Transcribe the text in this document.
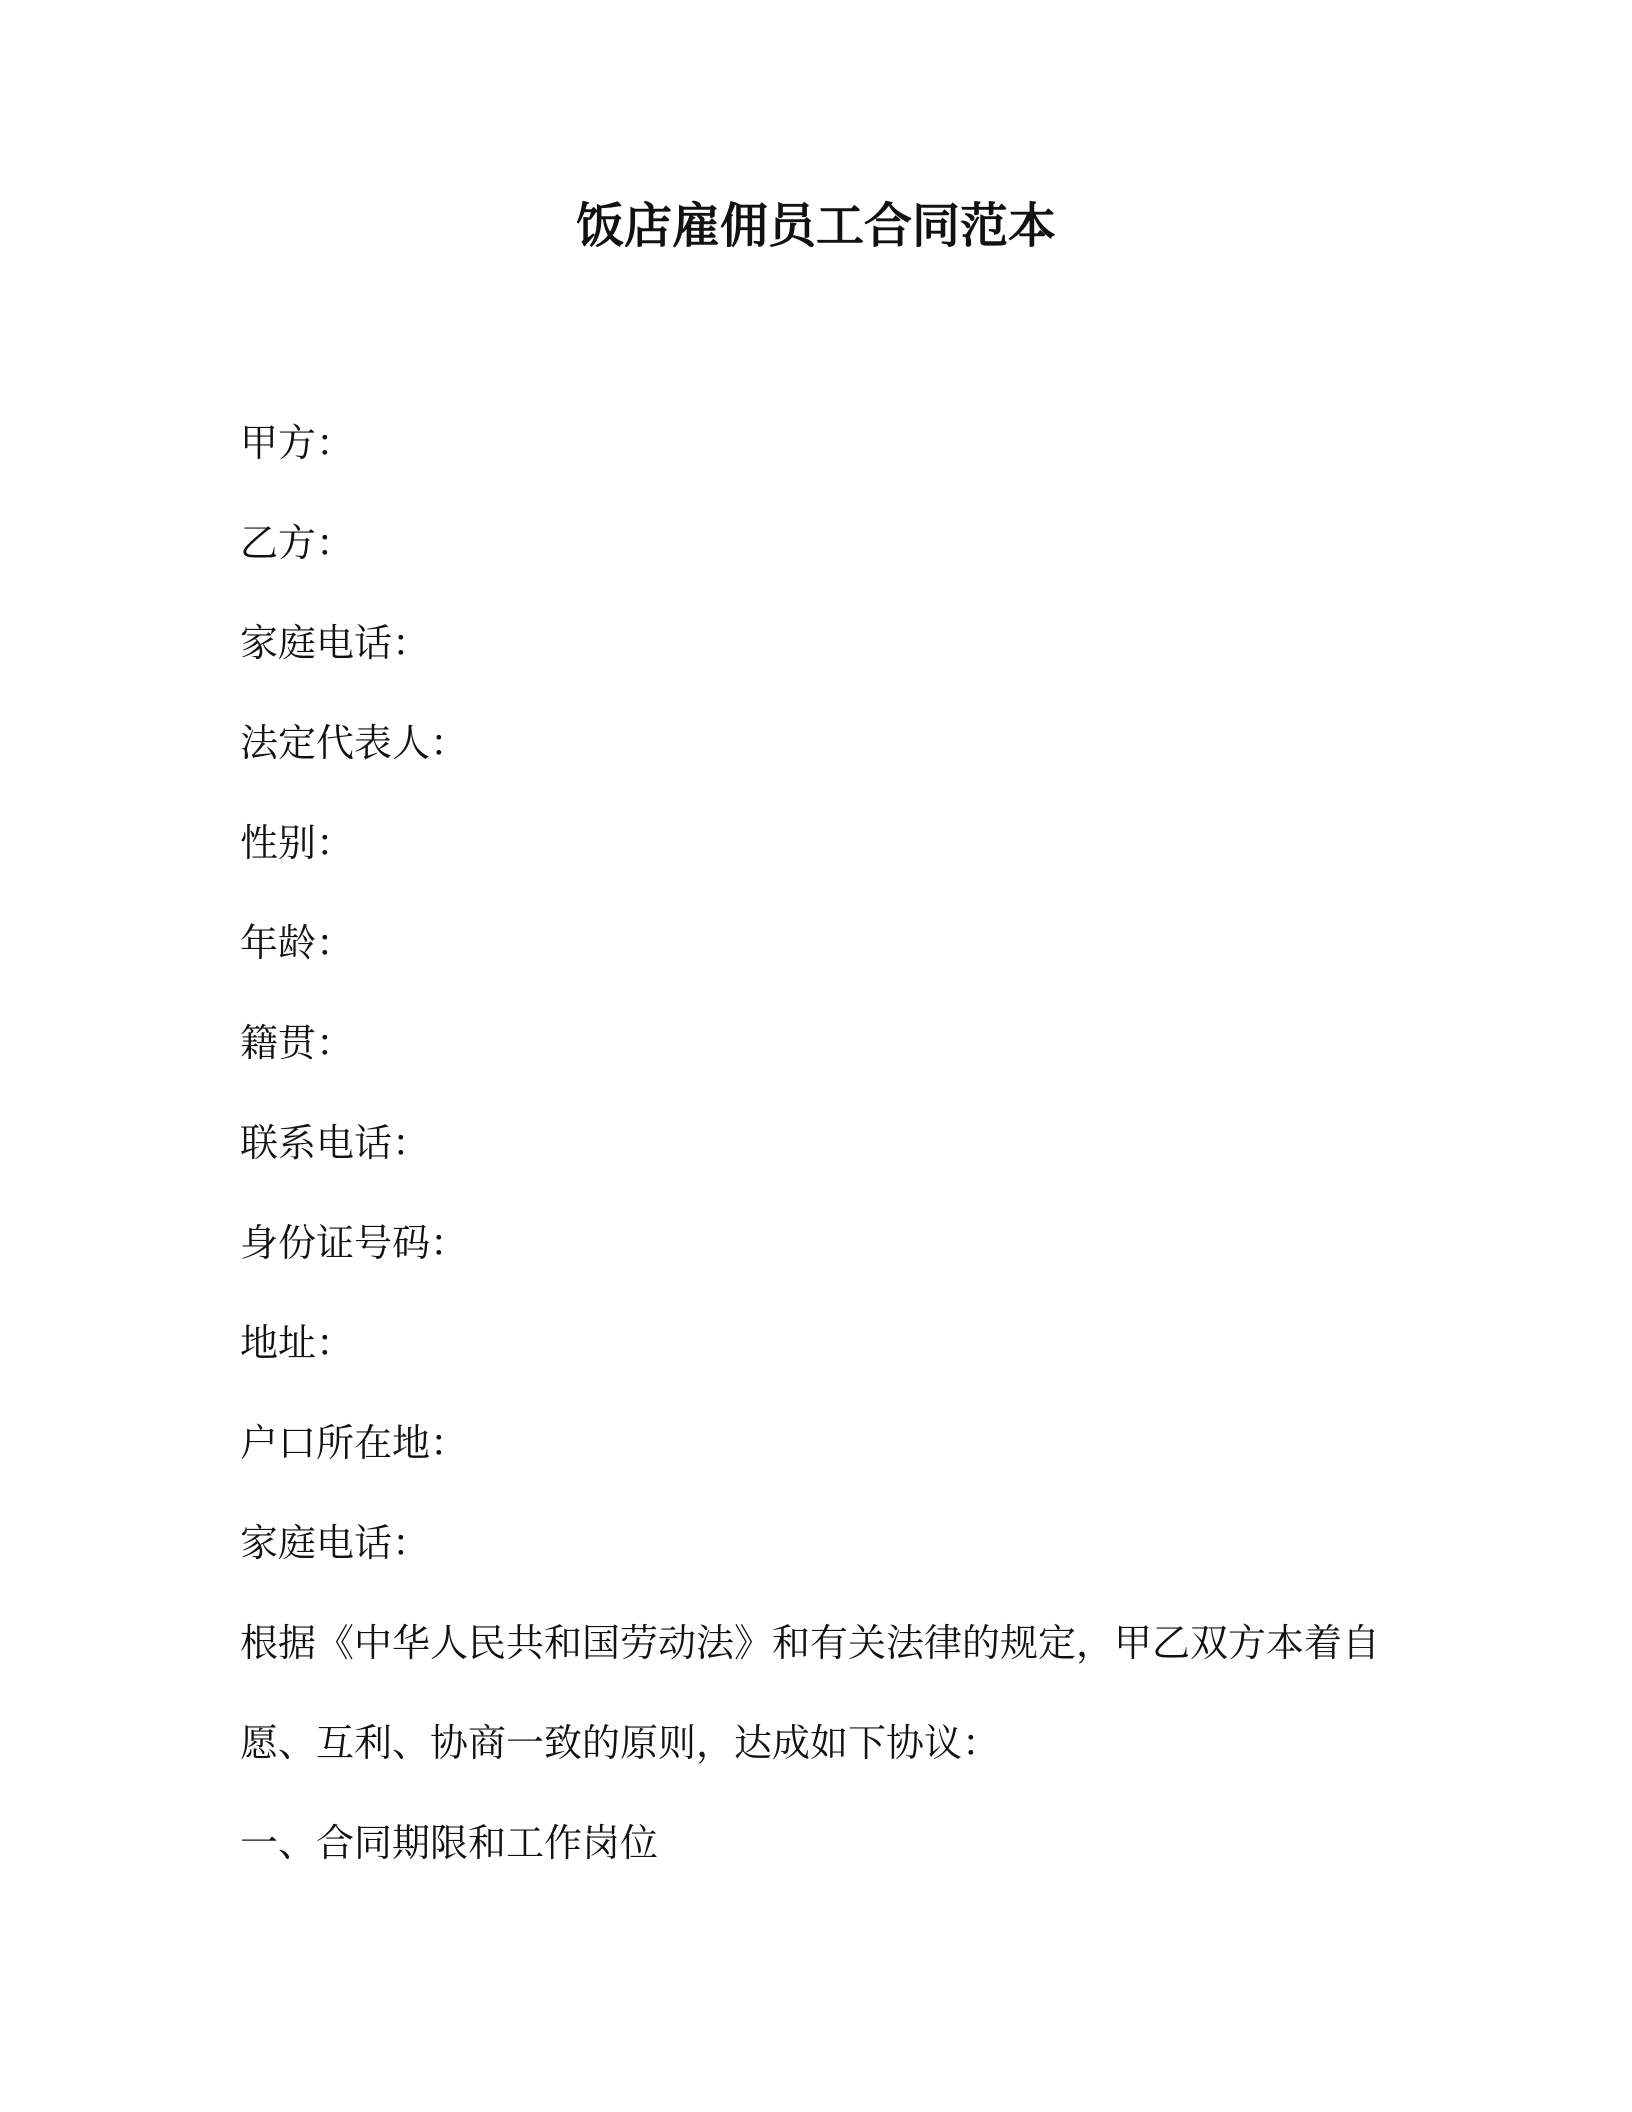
饭店雇佣员工合同范本
甲方：
乙方：
家庭电话：
法定代表人：
性别：
年龄：
籍贯：
联系电话：
身份证号码：
地址：
户口所在地：
家庭电话：
根据《中华人民共和国劳动法》和有关法律的规定，甲乙双方本着自
愿、互利、协商一致的原则，达成如下协议：
一、合同期限和工作岗位
